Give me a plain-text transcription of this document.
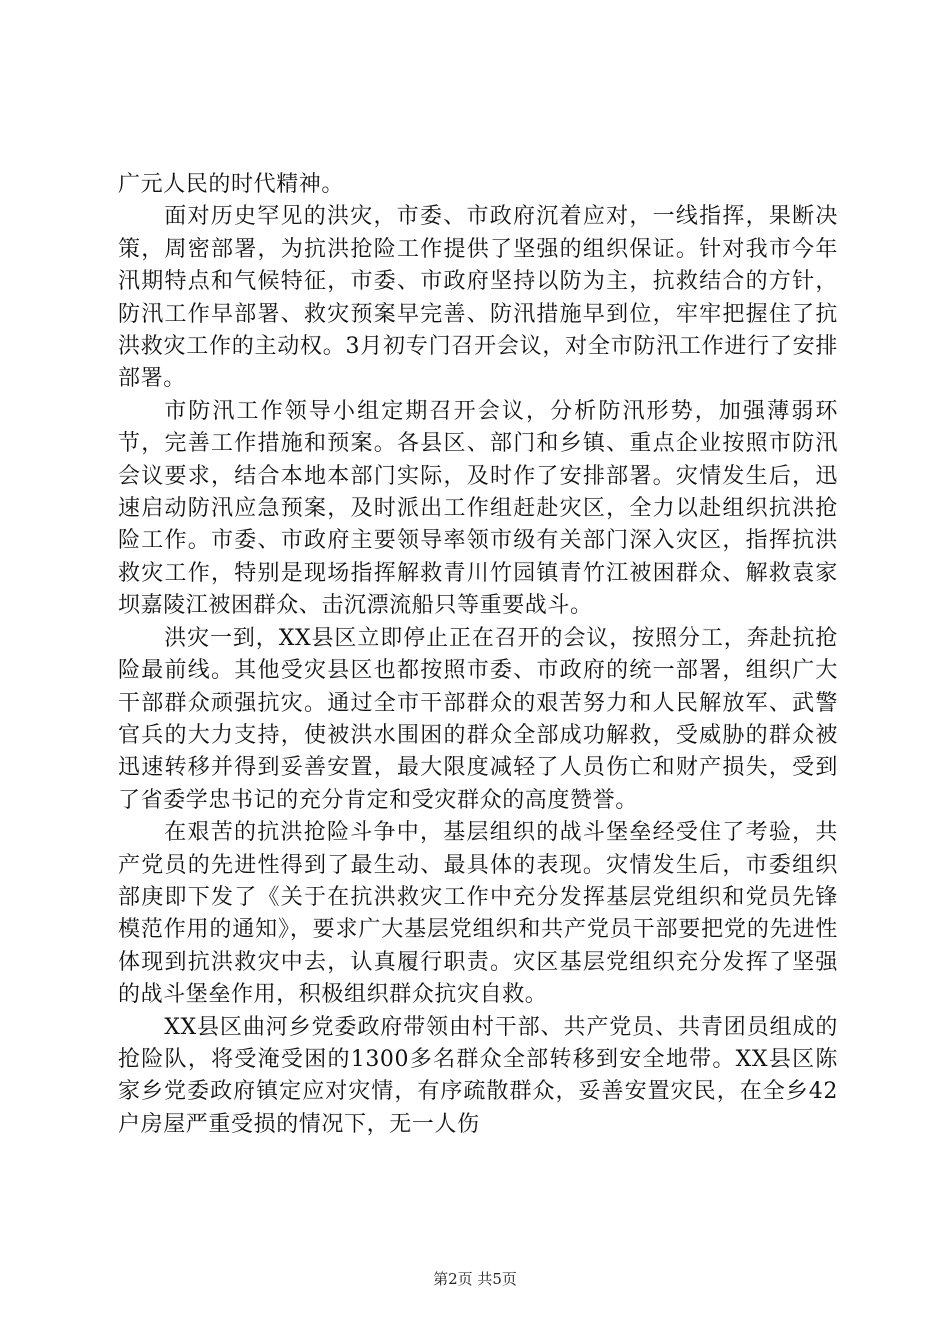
广元人民的时代精神。

面对历史罕见的洪灾，市委、市政府沉着应对，一线指挥，果断决策，周密部署，为抗洪抢险工作提供了坚强的组织保证。针对我市今年汛期特点和气候特征，市委、市政府坚持以防为主，抗救结合的方针，防汛工作早部署、救灾预案早完善、防汛措施早到位，牢牢把握住了抗洪救灾工作的主动权。3月初专门召开会议，对全市防汛工作进行了安排部署。

市防汛工作领导小组定期召开会议，分析防汛形势，加强薄弱环节，完善工作措施和预案。各县区、部门和乡镇、重点企业按照市防汛会议要求，结合本地本部门实际，及时作了安排部署。灾情发生后，迅速启动防汛应急预案，及时派出工作组赶赴灾区，全力以赴组织抗洪抢险工作。市委、市政府主要领导率领市级有关部门深入灾区，指挥抗洪救灾工作，特别是现场指挥解救青川竹园镇青竹江被困群众、解救袁家坝嘉陵江被困群众、击沉漂流船只等重要战斗。

洪灾一到，XX县区立即停止正在召开的会议，按照分工，奔赴抗抢险最前线。其他受灾县区也都按照市委、市政府的统一部署，组织广大干部群众顽强抗灾。通过全市干部群众的艰苦努力和人民解放军、武警官兵的大力支持，使被洪水围困的群众全部成功解救，受威胁的群众被迅速转移并得到妥善安置，最大限度减轻了人员伤亡和财产损失，受到了省委学忠书记的充分肯定和受灾群众的高度赞誉。

在艰苦的抗洪抢险斗争中，基层组织的战斗堡垒经受住了考验，共产党员的先进性得到了最生动、最具体的表现。灾情发生后，市委组织部庚即下发了《关于在抗洪救灾工作中充分发挥基层党组织和党员先锋模范作用的通知》，要求广大基层党组织和共产党员干部要把党的先进性体现到抗洪救灾中去，认真履行职责。灾区基层党组织充分发挥了坚强的战斗堡垒作用，积极组织群众抗灾自救。

XX县区曲河乡党委政府带领由村干部、共产党员、共青团员组成的抢险队，将受淹受困的1300多名群众全部转移到安全地带。XX县区陈家乡党委政府镇定应对灾情，有序疏散群众，妥善安置灾民，在全乡42户房屋严重受损的情况下，无一人伤

第2页 共5页
